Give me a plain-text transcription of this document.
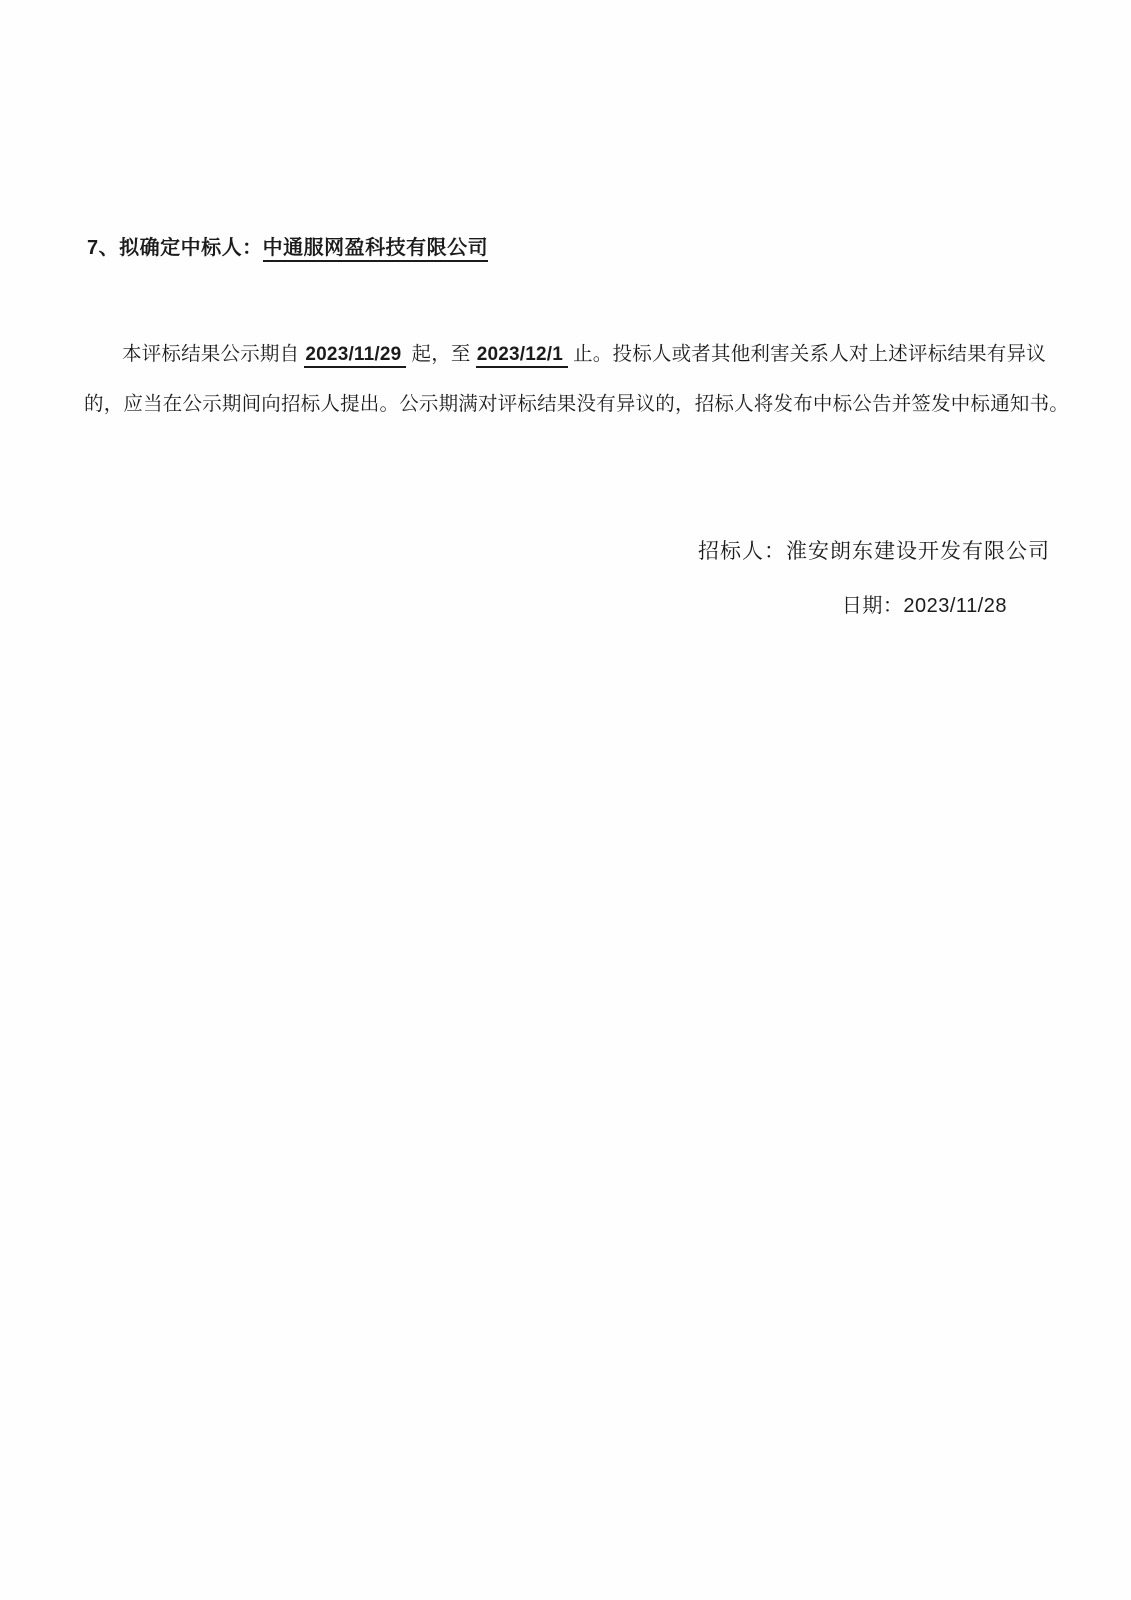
7、拟确定中标人：中通服网盈科技有限公司

本评标结果公示期自 2023/11/29 起，至 2023/12/1 止。投标人或者其他利害关系人对上述评标结果有异议

的，应当在公示期间向招标人提出。公示期满对评标结果没有异议的，招标人将发布中标公告并签发中标通知书。

招标人：淮安朗东建设开发有限公司
日期：2023/11/28
